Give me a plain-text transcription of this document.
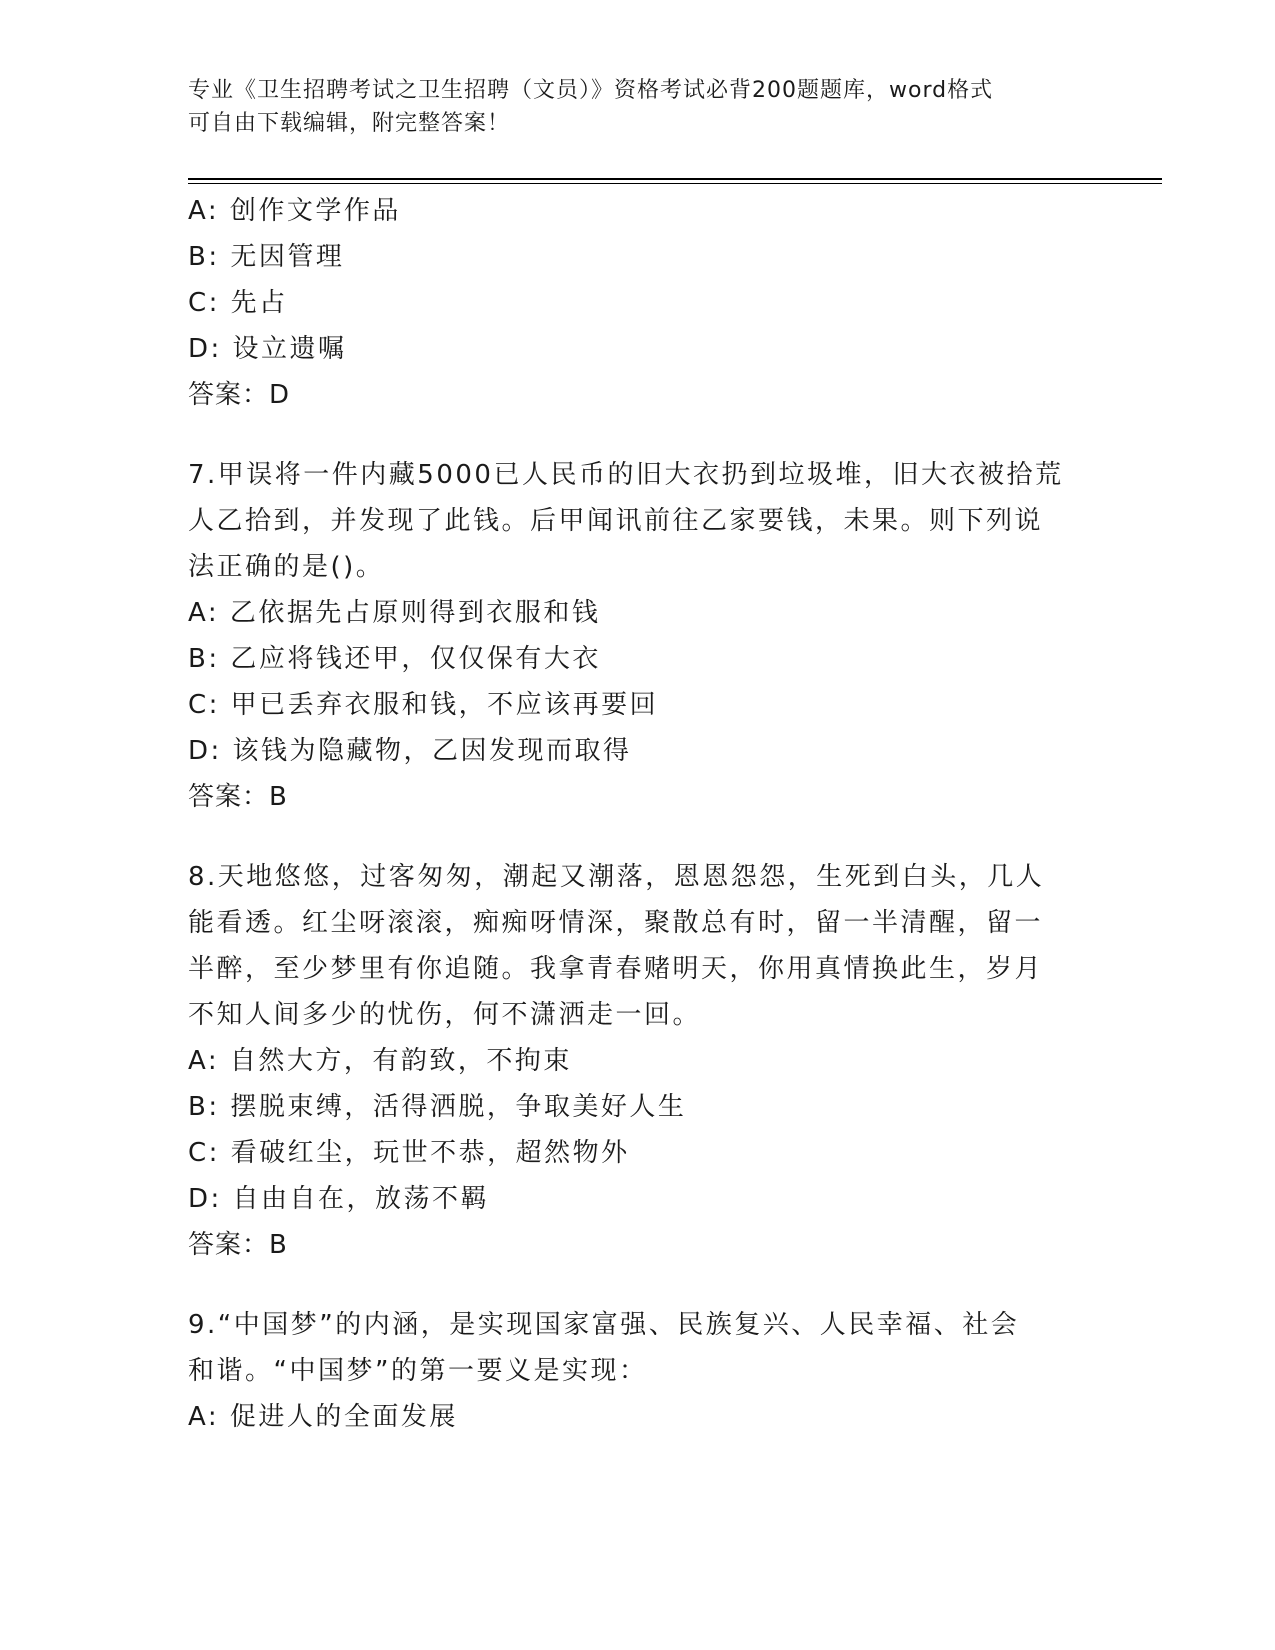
专业《卫生招聘考试之卫生招聘（文员）》资格考试必背200题题库，word格式
可自由下载编辑，附完整答案！
A: 创作文学作品
B: 无因管理
C: 先占
D: 设立遗嘱
答案：D
7.甲误将一件内藏5000已人民币的旧大衣扔到垃圾堆，旧大衣被拾荒
人乙拾到，并发现了此钱。后甲闻讯前往乙家要钱，未果。则下列说
法正确的是()。
A: 乙依据先占原则得到衣服和钱
B: 乙应将钱还甲，仅仅保有大衣
C: 甲已丢弃衣服和钱，不应该再要回
D: 该钱为隐藏物，乙因发现而取得
答案：B
8.天地悠悠，过客匆匆，潮起又潮落，恩恩怨怨，生死到白头，几人
能看透。红尘呀滚滚，痴痴呀情深，聚散总有时，留一半清醒，留一
半醉，至少梦里有你追随。我拿青春赌明天，你用真情换此生，岁月
不知人间多少的忧伤，何不潇洒走一回。
A: 自然大方，有韵致，不拘束
B: 摆脱束缚，活得洒脱，争取美好人生
C: 看破红尘，玩世不恭，超然物外
D: 自由自在，放荡不羁
答案：B
9.“中国梦”的内涵，是实现国家富强、民族复兴、人民幸福、社会
和谐。“中国梦”的第一要义是实现：
A: 促进人的全面发展
